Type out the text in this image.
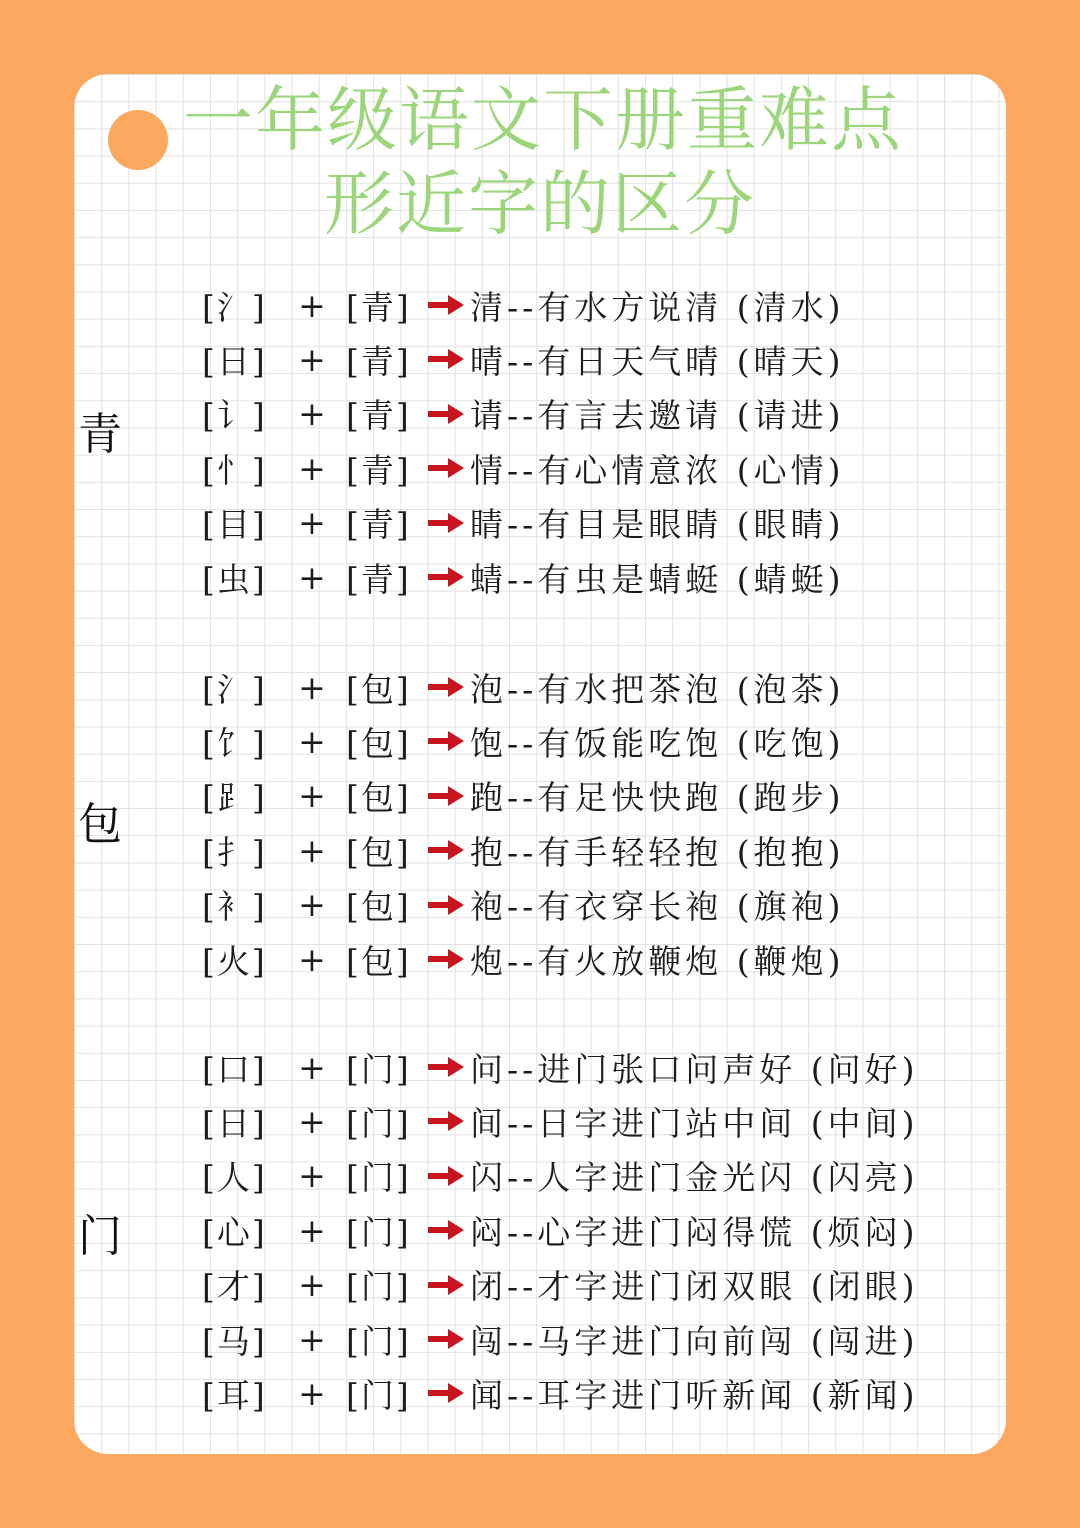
一年级语文下册重难点
形近字的区分
青
包
门
[氵] + [青]	清--有水方说清 (清水)
[日] + [青]	晴--有日天气晴 (晴天)
[讠] + [青]	请--有言去邀请 (请进)
[忄] + [青]	情--有心情意浓 (心情)
[目] + [青]	睛--有目是眼睛 (眼睛)
[虫] + [青]	蜻--有虫是蜻蜓 (蜻蜓)
[氵] + [包]	泡--有水把茶泡 (泡茶)
[饣] + [包]	饱--有饭能吃饱 (吃饱)
[⻊] + [包]	跑--有足快快跑 (跑步)
[扌] + [包]	抱--有手轻轻抱 (抱抱)
[衤] + [包]	袍--有衣穿长袍 (旗袍)
[火] + [包]	炮--有火放鞭炮 (鞭炮)
[口] + [门]	问--进门张口问声好 (问好)
[日] + [门]	间--日字进门站中间 (中间)
[人] + [门]	闪--人字进门金光闪 (闪亮)
[心] + [门]	闷--心字进门闷得慌 (烦闷)
[才] + [门]	闭--才字进门闭双眼 (闭眼)
[马] + [门]	闯--马字进门向前闯 (闯进)
[耳] + [门]	闻--耳字进门听新闻 (新闻)
